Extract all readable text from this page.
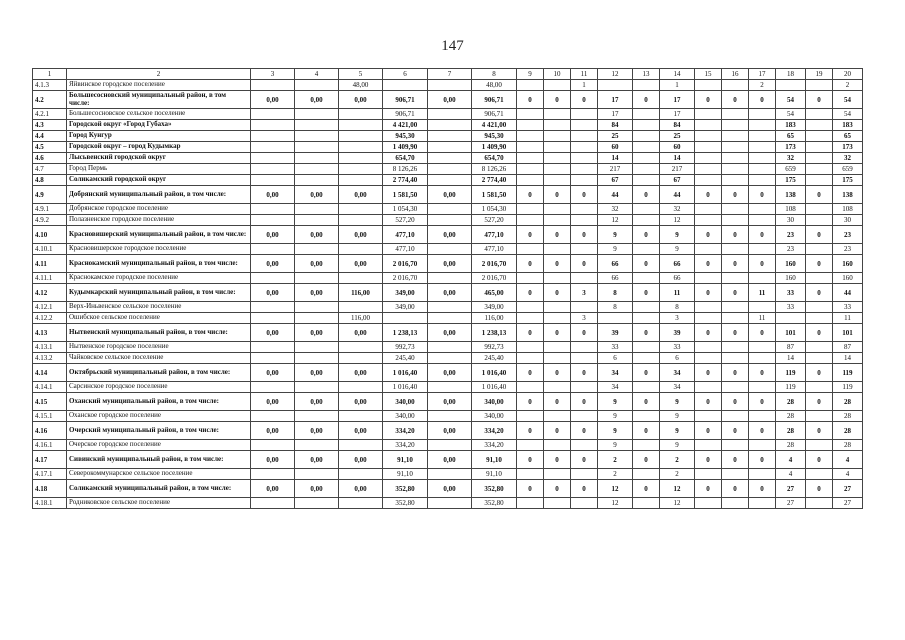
147
1	2	3	4	5	6	7	8	9	10	11	12	13	14	15	16	17	18	19	20
4.1.3	Яйвинское городское поселение			48,00			48,00			1			1			2			2
4.2	Большесосновский муниципальный район, в том числе:	0,00	0,00	0,00	906,71	0,00	906,71	0	0	0	17	0	17	0	0	0	54	0	54
4.2.1	Большесосновское сельское поселение				906,71		906,71				17		17				54		54
4.3	Городской округ «Город Губаха»				4 421,00		4 421,00				84		84				183		183
4.4	Город Кунгур				945,30		945,30				25		25				65		65
4.5	Городской округ – город Кудымкар				1 409,90		1 409,90				60		60				173		173
4.6	Лысьвенский городской округ				654,70		654,70				14		14				32		32
4.7	Город Пермь				8 126,26		8 126,26				217		217				659		659
4.8	Соликамский городской округ				2 774,40		2 774,40				67		67				175		175
4.9	Добрянский муниципальный район, в том числе:	0,00	0,00	0,00	1 581,50	0,00	1 581,50	0	0	0	44	0	44	0	0	0	138	0	138
4.9.1	Добрянское городское поселение				1 054,30		1 054,30				32		32				108		108
4.9.2	Полазненское городское поселение				527,20		527,20				12		12				30		30
4.10	Красновишерский муниципальный район, в том числе:	0,00	0,00	0,00	477,10	0,00	477,10	0	0	0	9	0	9	0	0	0	23	0	23
4.10.1	Красновишерское городское поселение				477,10		477,10				9		9				23		23
4.11	Краснокамский муниципальный район, в том числе:	0,00	0,00	0,00	2 016,70	0,00	2 016,70	0	0	0	66	0	66	0	0	0	160	0	160
4.11.1	Краснокамское городское поселение				2 016,70		2 016,70				66		66				160		160
4.12	Кудымкарский муниципальный район, в том числе:	0,00	0,00	116,00	349,00	0,00	465,00	0	0	3	8	0	11	0	0	11	33	0	44
4.12.1	Верх-Иньвенское сельское поселение				349,00		349,00				8		8				33		33
4.12.2	Ошибское сельское поселение			116,00			116,00			3			3			11			11
4.13	Нытвенский муниципальный район, в том числе:	0,00	0,00	0,00	1 238,13	0,00	1 238,13	0	0	0	39	0	39	0	0	0	101	0	101
4.13.1	Нытвенское городское поселение				992,73		992,73				33		33				87		87
4.13.2	Чайковское сельское поселение				245,40		245,40				6		6				14		14
4.14	Октябрьский муниципальный район, в том числе:	0,00	0,00	0,00	1 016,40	0,00	1 016,40	0	0	0	34	0	34	0	0	0	119	0	119
4.14.1	Сарсинское городское поселение				1 016,40		1 016,40				34		34				119		119
4.15	Оханский муниципальный район, в том числе:	0,00	0,00	0,00	340,00	0,00	340,00	0	0	0	9	0	9	0	0	0	28	0	28
4.15.1	Оханское городское поселение				340,00		340,00				9		9				28		28
4.16	Очерский муниципальный район, в том числе:	0,00	0,00	0,00	334,20	0,00	334,20	0	0	0	9	0	9	0	0	0	28	0	28
4.16.1	Очерское городское поселение				334,20		334,20				9		9				28		28
4.17	Сивинский муниципальный район, в том числе:	0,00	0,00	0,00	91,10	0,00	91,10	0	0	0	2	0	2	0	0	0	4	0	4
4.17.1	Северокоммунарское сельское поселение				91,10		91,10				2		2				4		4
4.18	Соликамский муниципальный район, в том числе:	0,00	0,00	0,00	352,80	0,00	352,80	0	0	0	12	0	12	0	0	0	27	0	27
4.18.1	Родниковское сельское поселение				352,80		352,80				12		12				27		27
